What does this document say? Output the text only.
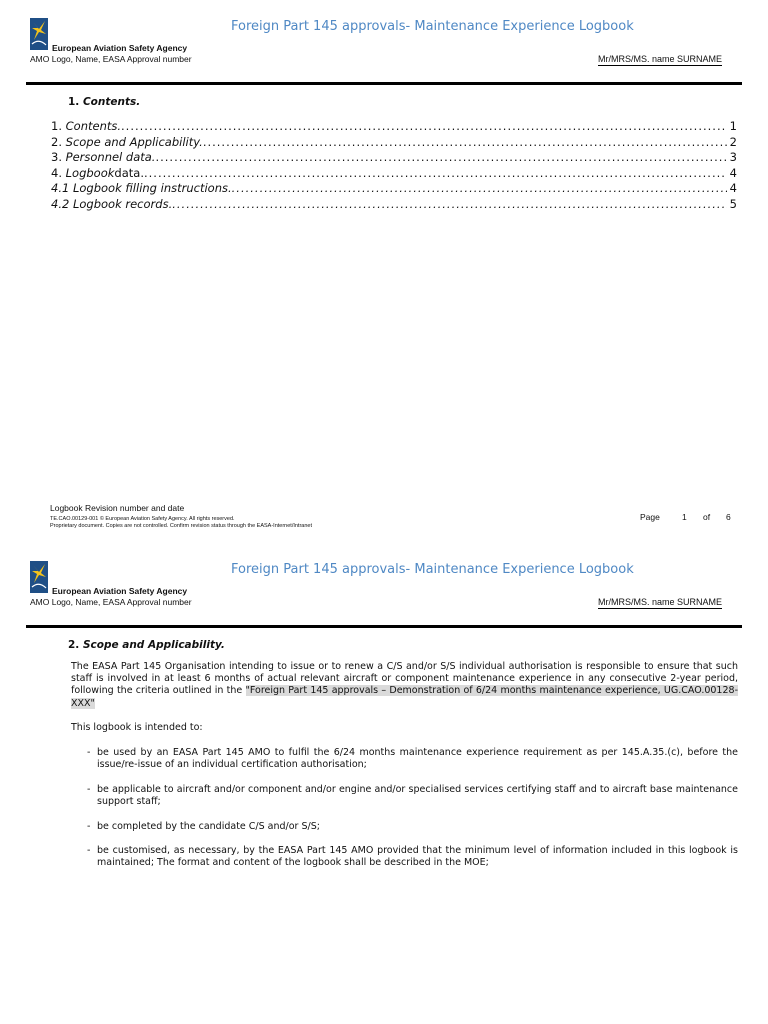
European Aviation Safety Agency
AMO Logo, Name, EASA Approval number
Foreign Part 145 approvals- Maintenance Experience Logbook
Mr/MRS/MS. name SURNAME
1. Contents.
1.
Contents. .....	1
2.
Scope and Applicability. .....	2
3.
Personnel data. .....	3
4.
Logbook data. .....	4
4.1
Logbook filling instructions. .....	4
4.2
Logbook records. .....	5
Logbook Revision number and date
TE.CAO.00129-001 © European Aviation Safety Agency. All rights reserved.
Proprietary document. Copies are not controlled. Confirm revision status through the EASA-Internet/Intranet
Page	1 of 6
European Aviation Safety Agency
AMO Logo, Name, EASA Approval number
Foreign Part 145 approvals- Maintenance Experience Logbook
Mr/MRS/MS. name SURNAME
2. Scope and Applicability.
The EASA Part 145 Organisation intending to issue or to renew a C/S and/or S/S individual authorisation is responsible to ensure that such staff is involved in at least 6 months of actual relevant aircraft or component maintenance experience in any consecutive 2-year period, following the criteria outlined in the "Foreign Part 145 approvals – Demonstration of 6/24 months maintenance experience, UG.CAO.00128-XXX"
This logbook is intended to:
- be used by an EASA Part 145 AMO to fulfil the 6/24 months maintenance experience requirement as per 145.A.35.(c), before the issue/re-issue of an individual certification authorisation;
- be applicable to aircraft and/or component and/or engine and/or specialised services certifying staff and to aircraft base maintenance support staff;
- be completed by the candidate C/S and/or S/S;
- be customised, as necessary, by the EASA Part 145 AMO provided that the minimum level of information included in this logbook is maintained; The format and content of the logbook shall be described in the MOE;
